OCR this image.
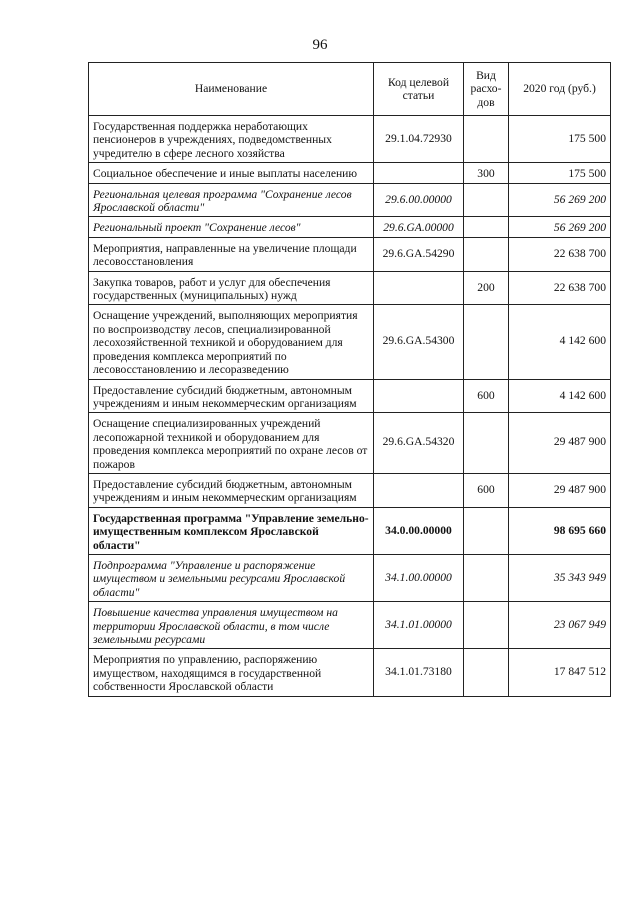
96
Наименование	Код целевой статьи	Вид расхо-дов	2020 год (руб.)
Государственная поддержка неработающих пенсионеров в учреждениях, подведомственных учредителю в сфере лесного хозяйства	29.1.04.72930		175 500
Социальное обеспечение и иные выплаты населению		300	175 500
Региональная целевая программа "Сохранение лесов Ярославской области"	29.6.00.00000		56 269 200
Региональный проект "Сохранение лесов"	29.6.GA.00000		56 269 200
Мероприятия, направленные на увеличение площади лесовосстановления	29.6.GA.54290		22 638 700
Закупка товаров, работ и услуг для обеспечения государственных (муниципальных) нужд		200	22 638 700
Оснащение учреждений, выполняющих мероприятия по воспроизводству лесов, специализированной лесохозяйственной техникой и оборудованием для проведения комплекса мероприятий по лесовосстановлению и лесоразведению	29.6.GA.54300		4 142 600
Предоставление субсидий бюджетным, автономным учреждениям и иным некоммерческим организациям		600	4 142 600
Оснащение специализированных учреждений лесопожарной техникой и оборудованием для проведения комплекса мероприятий по охране лесов от пожаров	29.6.GA.54320		29 487 900
Предоставление субсидий бюджетным, автономным учреждениям и иным некоммерческим организациям		600	29 487 900
Государственная программа "Управление земельно-имущественным комплексом Ярославской области"	34.0.00.00000		98 695 660
Подпрограмма "Управление и распоряжение имуществом и земельными ресурсами Ярославской области"	34.1.00.00000		35 343 949
Повышение качества управления имуществом на территории Ярославской области, в том числе земельными ресурсами	34.1.01.00000		23 067 949
Мероприятия по управлению, распоряжению имуществом, находящимся в государственной собственности Ярославской области	34.1.01.73180		17 847 512
